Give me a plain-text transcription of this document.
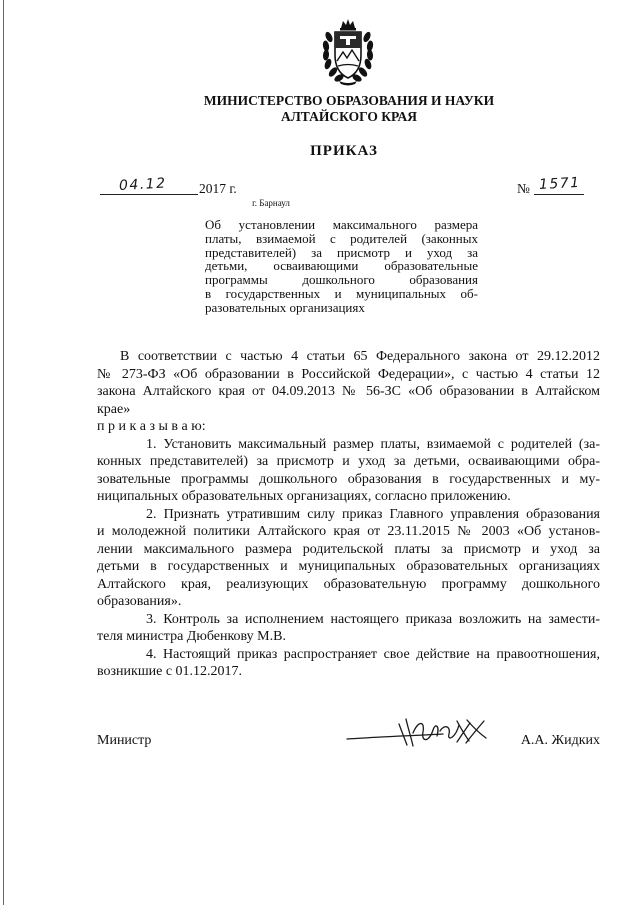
МИНИСТЕРСТВО ОБРАЗОВАНИЯ И НАУКИ
АЛТАЙСКОГО КРАЯ
ПРИКАЗ
04.12 2017 г.	№ 1571
г. Барнаул
Об установлении максимального размера
платы, взимаемой с родителей (законных
представителей) за присмотр и уход за
детьми, осваивающими образовательные
программы дошкольного образования
в государственных и муниципальных об-
разовательных организациях
В соответствии с частью 4 статьи 65 Федерального закона от 29.12.2012
№ 273-ФЗ «Об образовании в Российской Федерации», с частью 4 статьи 12
закона Алтайского края от 04.09.2013 № 56-ЗС «Об образовании в Алтайском
крае»
п р и к а з ы в а ю:
1. Установить максимальный размер платы, взимаемой с родителей (за-
конных представителей) за присмотр и уход за детьми, осваивающими обра-
зовательные программы дошкольного образования в государственных и му-
ниципальных образовательных организациях, согласно приложению.
2. Признать утратившим силу приказ Главного управления образования
и молодежной политики Алтайского края от 23.11.2015 № 2003 «Об установ-
лении максимального размера родительской платы за присмотр и уход за
детьми в государственных и муниципальных образовательных организациях
Алтайского края, реализующих образовательную программу дошкольного
образования».
3. Контроль за исполнением настоящего приказа возложить на замести-
теля министра Дюбенкову М.В.
4. Настоящий приказ распространяет свое действие на правоотношения,
возникшие с 01.12.2017.
Министр	А.А. Жидких
